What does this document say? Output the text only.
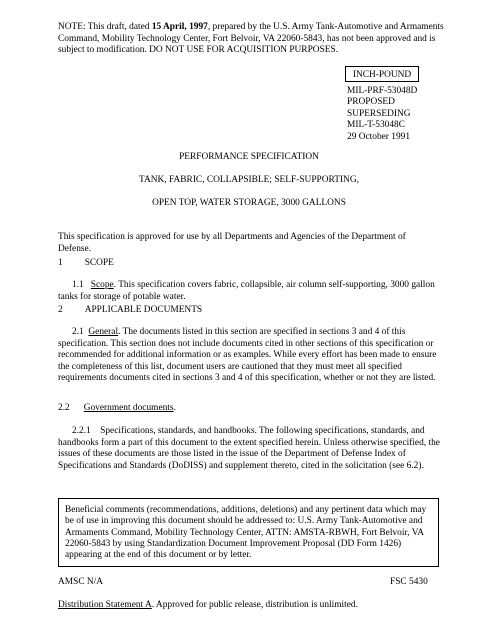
NOTE: This draft, dated 15 April, 1997, prepared by the U.S. Army Tank-Automotive and Armaments Command, Mobility Technology Center, Fort Belvoir, VA 22060-5843, has not been approved and is subject to modification. DO NOT USE FOR ACQUISITION PURPOSES.

INCH-POUND
MIL-PRF-53048D
PROPOSED
SUPERSEDING
MIL-T-53048C
29 October 1991
PERFORMANCE SPECIFICATION
TANK, FABRIC, COLLAPSIBLE; SELF-SUPPORTING,
OPEN TOP, WATER STORAGE, 3000 GALLONS

This specification is approved for use by all Departments and Agencies of the Department of Defense.

1 SCOPE

1.1 Scope. This specification covers fabric, collapsible, air column self-supporting, 3000 gallon tanks for storage of potable water.

2 APPLICABLE DOCUMENTS

2.1 General. The documents listed in this section are specified in sections 3 and 4 of this specification. This section does not include documents cited in other sections of this specification or recommended for additional information or as examples. While every effort has been made to ensure the completeness of this list, document users are cautioned that they must meet all specified requirements documents cited in sections 3 and 4 of this specification, whether or not they are listed.

2.2 Government documents.

2.2.1 Specifications, standards, and handbooks. The following specifications, standards, and handbooks form a part of this document to the extent specified herein. Unless otherwise specified, the issues of these documents are those listed in the issue of the Department of Defense Index of Specifications and Standards (DoDISS) and supplement thereto, cited in the solicitation (see 6.2).

Beneficial comments (recommendations, additions, deletions) and any pertinent data which may be of use in improving this document should be addressed to: U.S. Army Tank-Automotive and Armaments Command, Mobility Technology Center, ATTN: AMSTA-RBWH, Fort Belvoir, VA 22060-5843 by using Standardization Document Improvement Proposal (DD Form 1426) appearing at the end of this document or by letter.
AMSC N/A	FSC 5430

Distribution Statement A. Approved for public release, distribution is unlimited.
